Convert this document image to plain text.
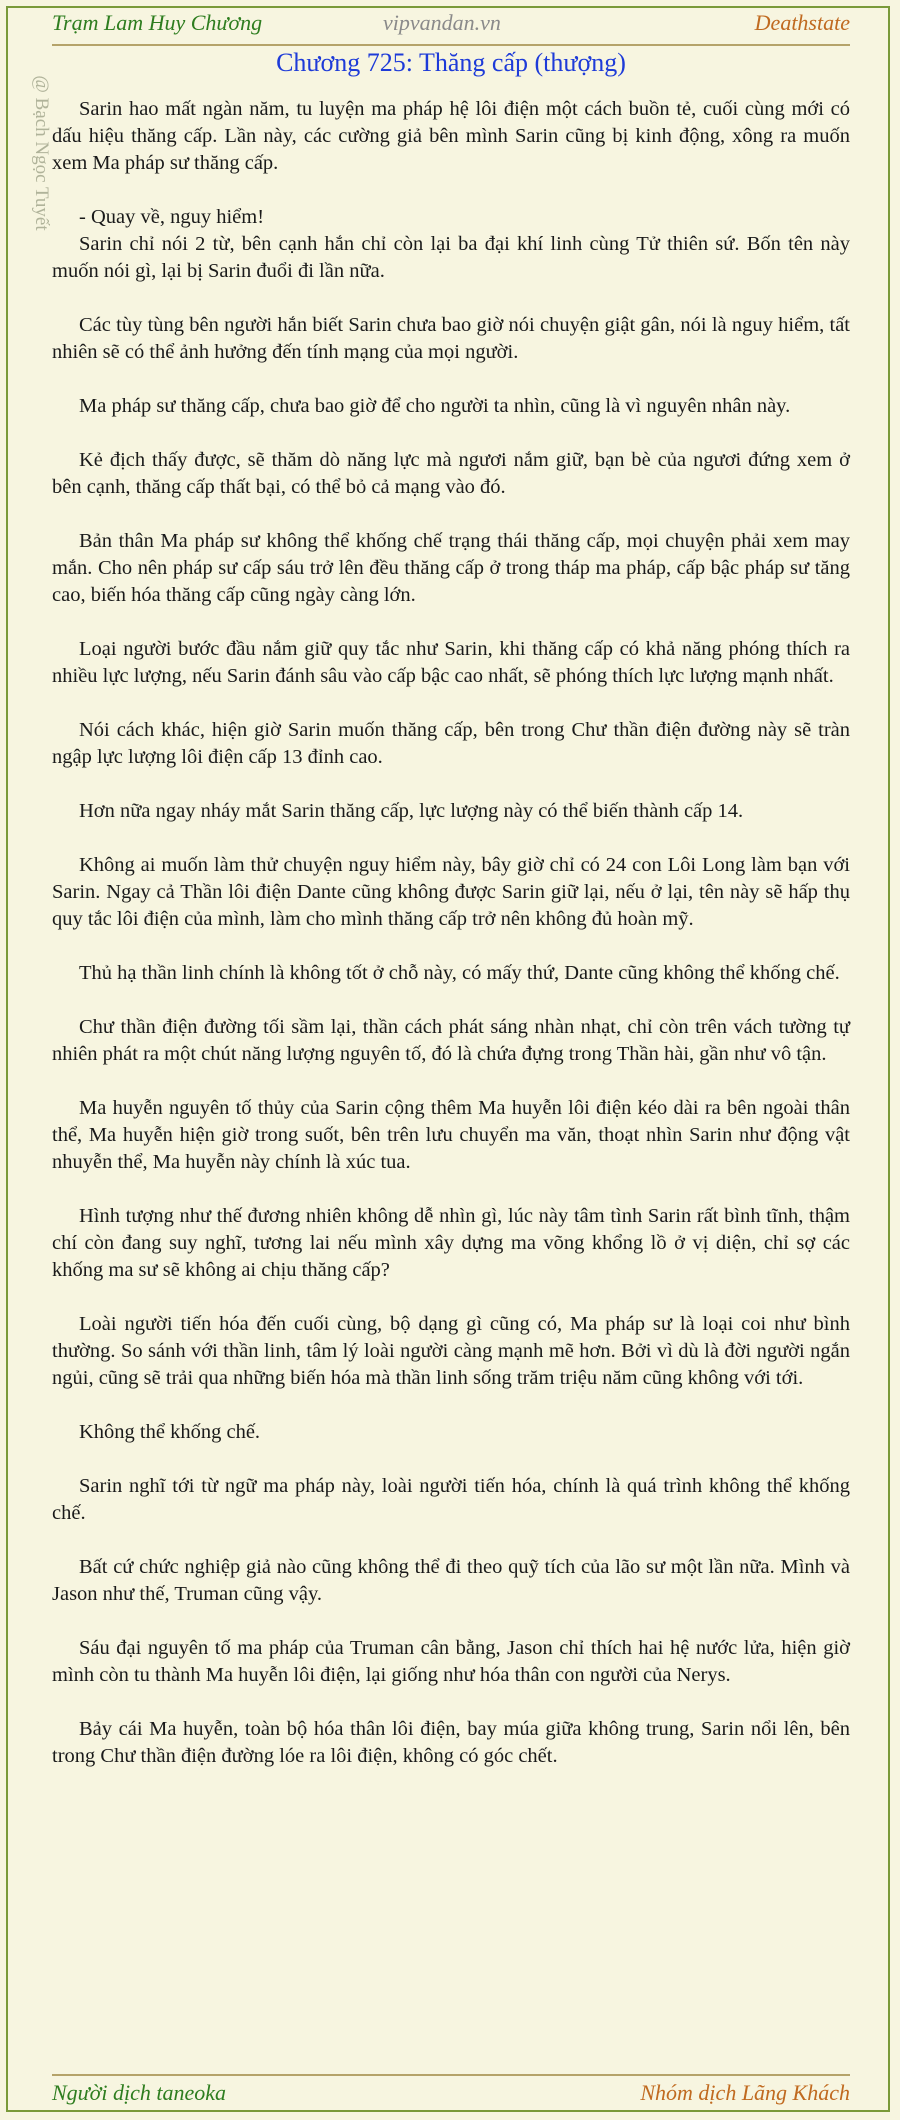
Trạm Lam Huy Chương	vipvandan.vn	Deathstate
@ Bạch Ngọc Tuyết
Chương 725: Thăng cấp (thượng)

Sarin hao mất ngàn năm, tu luyện ma pháp hệ lôi điện một cách buồn tẻ, cuối cùng mới có dấu hiệu thăng cấp. Lần này, các cường giả bên mình Sarin cũng bị kinh động, xông ra muốn xem Ma pháp sư thăng cấp.

- Quay về, nguy hiểm!

Sarin chỉ nói 2 từ, bên cạnh hắn chỉ còn lại ba đại khí linh cùng Tử thiên sứ. Bốn tên này muốn nói gì, lại bị Sarin đuổi đi lần nữa.

Các tùy tùng bên người hắn biết Sarin chưa bao giờ nói chuyện giật gân, nói là nguy hiểm, tất nhiên sẽ có thể ảnh hưởng đến tính mạng của mọi người.

Ma pháp sư thăng cấp, chưa bao giờ để cho người ta nhìn, cũng là vì nguyên nhân này.

Kẻ địch thấy được, sẽ thăm dò năng lực mà ngươi nắm giữ, bạn bè của ngươi đứng xem ở bên cạnh, thăng cấp thất bại, có thể bỏ cả mạng vào đó.

Bản thân Ma pháp sư không thể khống chế trạng thái thăng cấp, mọi chuyện phải xem may mắn. Cho nên pháp sư cấp sáu trở lên đều thăng cấp ở trong tháp ma pháp, cấp bậc pháp sư tăng cao, biến hóa thăng cấp cũng ngày càng lớn.

Loại người bước đầu nắm giữ quy tắc như Sarin, khi thăng cấp có khả năng phóng thích ra nhiều lực lượng, nếu Sarin đánh sâu vào cấp bậc cao nhất, sẽ phóng thích lực lượng mạnh nhất.

Nói cách khác, hiện giờ Sarin muốn thăng cấp, bên trong Chư thần điện đường này sẽ tràn ngập lực lượng lôi điện cấp 13 đỉnh cao.

Hơn nữa ngay nháy mắt Sarin thăng cấp, lực lượng này có thể biến thành cấp 14.

Không ai muốn làm thử chuyện nguy hiểm này, bây giờ chỉ có 24 con Lôi Long làm bạn với Sarin. Ngay cả Thần lôi điện Dante cũng không được Sarin giữ lại, nếu ở lại, tên này sẽ hấp thụ quy tắc lôi điện của mình, làm cho mình thăng cấp trở nên không đủ hoàn mỹ.

Thủ hạ thần linh chính là không tốt ở chỗ này, có mấy thứ, Dante cũng không thể khống chế.

Chư thần điện đường tối sầm lại, thần cách phát sáng nhàn nhạt, chỉ còn trên vách tường tự nhiên phát ra một chút năng lượng nguyên tố, đó là chứa đựng trong Thần hài, gần như vô tận.

Ma huyễn nguyên tố thủy của Sarin cộng thêm Ma huyễn lôi điện kéo dài ra bên ngoài thân thể, Ma huyễn hiện giờ trong suốt, bên trên lưu chuyển ma văn, thoạt nhìn Sarin như động vật nhuyễn thể, Ma huyễn này chính là xúc tua.

Hình tượng như thế đương nhiên không dễ nhìn gì, lúc này tâm tình Sarin rất bình tĩnh, thậm chí còn đang suy nghĩ, tương lai nếu mình xây dựng ma võng khổng lồ ở vị diện, chỉ sợ các khống ma sư sẽ không ai chịu thăng cấp?

Loài người tiến hóa đến cuối cùng, bộ dạng gì cũng có, Ma pháp sư là loại coi như bình thường. So sánh với thần linh, tâm lý loài người càng mạnh mẽ hơn. Bởi vì dù là đời người ngắn ngủi, cũng sẽ trải qua những biến hóa mà thần linh sống trăm triệu năm cũng không với tới.

Không thể khống chế.

Sarin nghĩ tới từ ngữ ma pháp này, loài người tiến hóa, chính là quá trình không thể khống chế.

Bất cứ chức nghiệp giả nào cũng không thể đi theo quỹ tích của lão sư một lần nữa. Mình và Jason như thế, Truman cũng vậy.

Sáu đại nguyên tố ma pháp của Truman cân bằng, Jason chỉ thích hai hệ nước lửa, hiện giờ mình còn tu thành Ma huyễn lôi điện, lại giống như hóa thân con người của Nerys.

Bảy cái Ma huyễn, toàn bộ hóa thân lôi điện, bay múa giữa không trung, Sarin nổi lên, bên trong Chư thần điện đường lóe ra lôi điện, không có góc chết.

Người dịch taneoka	Nhóm dịch Lãng Khách
